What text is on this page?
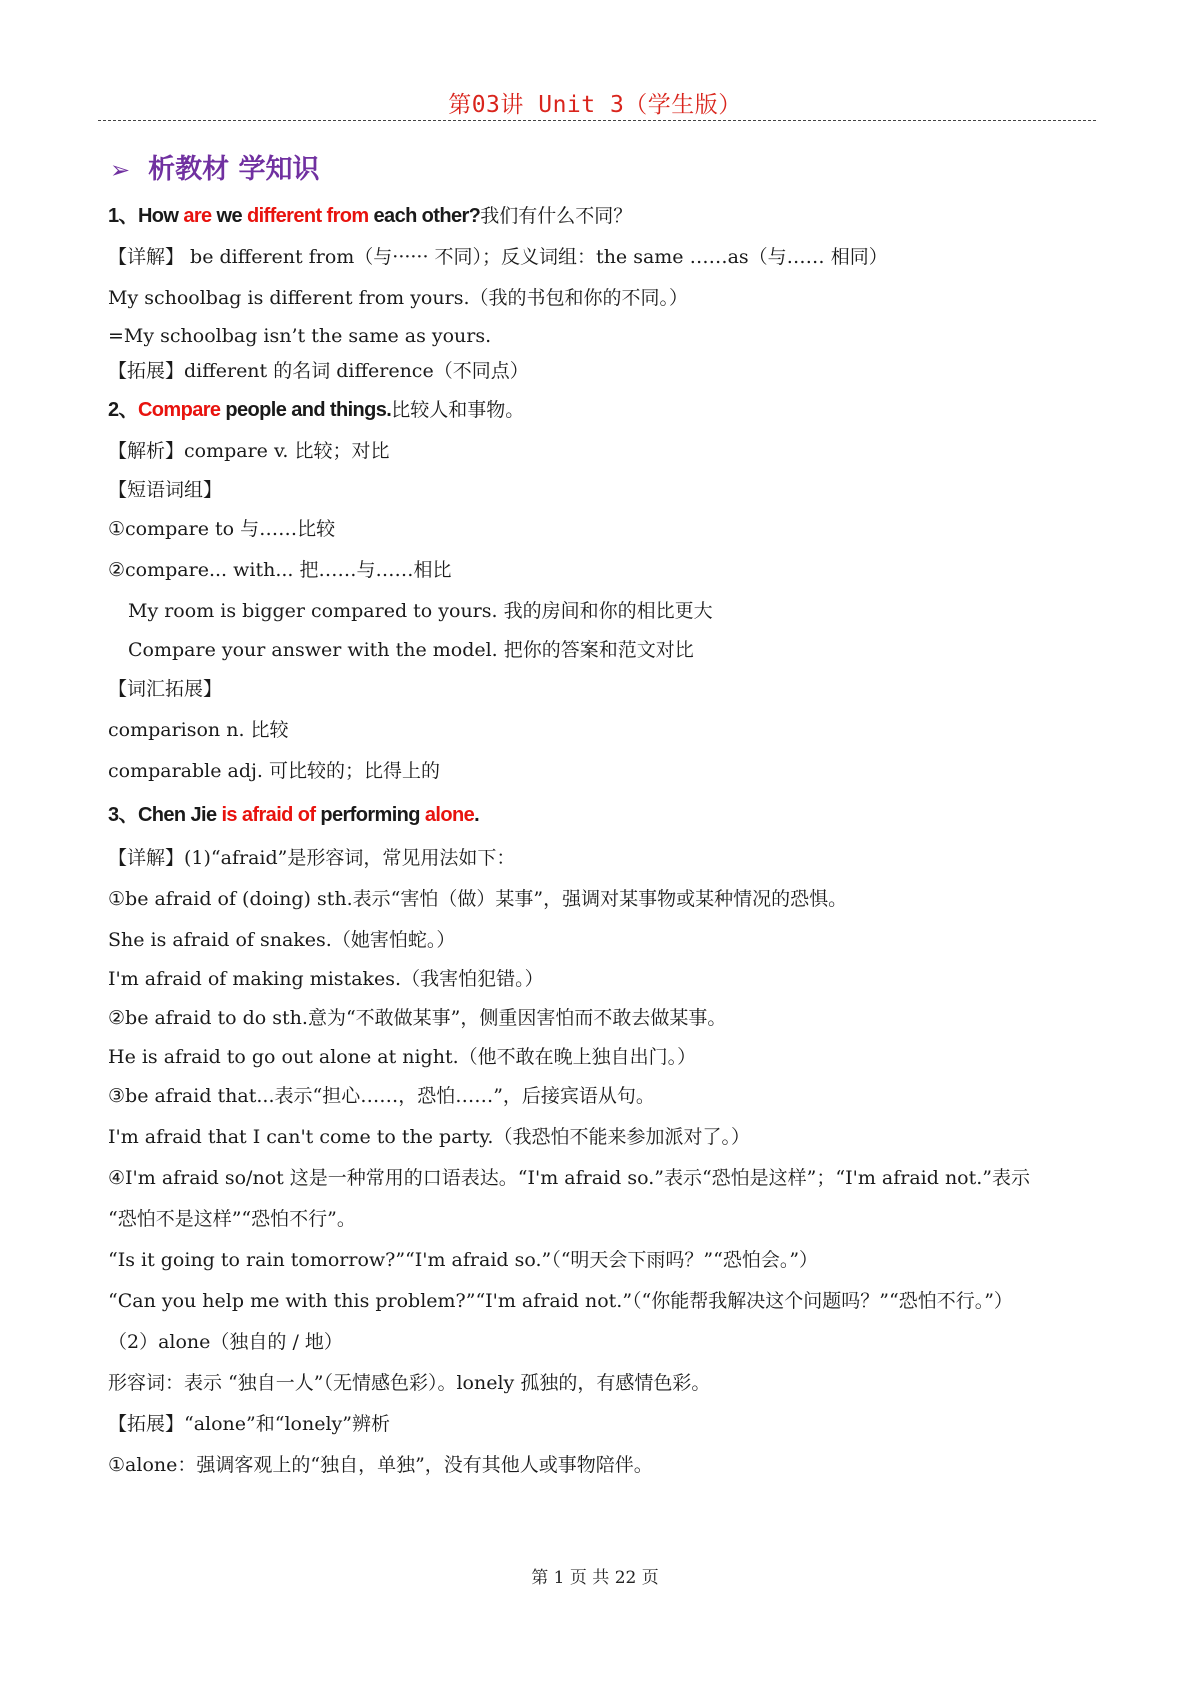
第03讲 Unit 3（学生版）
➢ 析教材 学知识
1、How are we different from each other?我们有什么不同？
【详解】 be different from（与······ 不同）；反义词组：the same ……as（与…… 相同）
My schoolbag is different from yours.（我的书包和你的不同。）
=My schoolbag isn’t the same as yours.
【拓展】different 的名词 difference（不同点）
2、Compare people and things.比较人和事物。
【解析】compare v. 比较；对比
【短语词组】
①compare to 与……比较
②compare... with... 把……与……相比
My room is bigger compared to yours. 我的房间和你的相比更大
Compare your answer with the model. 把你的答案和范文对比
【词汇拓展】
comparison n. 比较
comparable adj. 可比较的；比得上的
3、Chen Jie is afraid of performing alone.
【详解】(1)“afraid”是形容词，常见用法如下：
①be afraid of (doing) sth.表示“害怕（做）某事”，强调对某事物或某种情况的恐惧。
She is afraid of snakes.（她害怕蛇。）
I'm afraid of making mistakes.（我害怕犯错。）
②be afraid to do sth.意为“不敢做某事”，侧重因害怕而不敢去做某事。
He is afraid to go out alone at night.（他不敢在晚上独自出门。）
③be afraid that...表示“担心……，恐怕……”，后接宾语从句。
I'm afraid that I can't come to the party.（我恐怕不能来参加派对了。）
④I'm afraid so/not 这是一种常用的口语表达。“I'm afraid so.”表示“恐怕是这样”；“I'm afraid not.”表示
“恐怕不是这样”“恐怕不行”。
“Is it going to rain tomorrow?”“I'm afraid so.”（“明天会下雨吗？”“恐怕会。”）
“Can you help me with this problem?”“I'm afraid not.”（“你能帮我解决这个问题吗？”“恐怕不行。”）
（2）alone（独自的 / 地）
形容词：表示 “独自一人”（无情感色彩）。lonely 孤独的，有感情色彩。
【拓展】“alone”和“lonely”辨析
①alone：强调客观上的“独自，单独”，没有其他人或事物陪伴。
第 1 页 共 22 页
